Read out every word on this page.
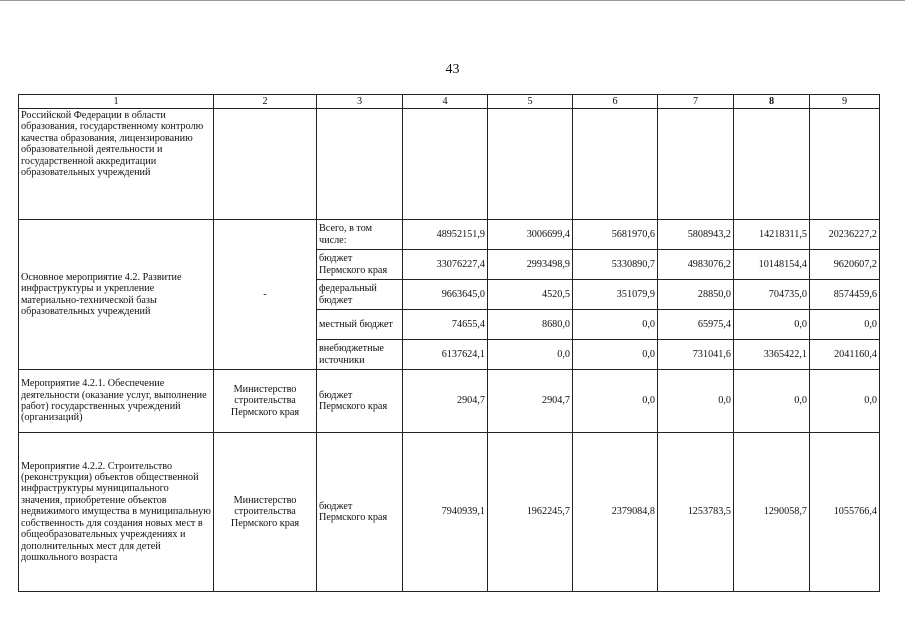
43
1	2	3	4	5	6	7	8	9
Российской Федерации в области образования, государственному контролю качества образования, лицензированию образовательной деятельности и государственной аккредитации образовательных учреждений								
Основное мероприятие 4.2. Развитие инфраструктуры и укрепление материально-технической базы образовательных учреждений	-	Всего, в том числе:	48952151,9	3006699,4	5681970,6	5808943,2	14218311,5	20236227,2
		бюджет Пермского края	33076227,4	2993498,9	5330890,7	4983076,2	10148154,4	9620607,2
		федеральный бюджет	9663645,0	4520,5	351079,9	28850,0	704735,0	8574459,6
		местный бюджет	74655,4	8680,0	0,0	65975,4	0,0	0,0
		внебюджетные источники	6137624,1	0,0	0,0	731041,6	3365422,1	2041160,4
Мероприятие 4.2.1. Обеспечение деятельности (оказание услуг, выполнение работ) государственных учреждений (организаций)	Министерство строительства Пермского края	бюджет Пермского края	2904,7	2904,7	0,0	0,0	0,0	0,0
Мероприятие 4.2.2. Строительство (реконструкция) объектов общественной инфраструктуры муниципального значения, приобретение объектов недвижимого имущества в муниципальную собственность для создания новых мест в общеобразовательных учреждениях и дополнительных мест для детей дошкольного возраста	Министерство строительства Пермского края	бюджет Пермского края	7940939,1	1962245,7	2379084,8	1253783,5	1290058,7	1055766,4
